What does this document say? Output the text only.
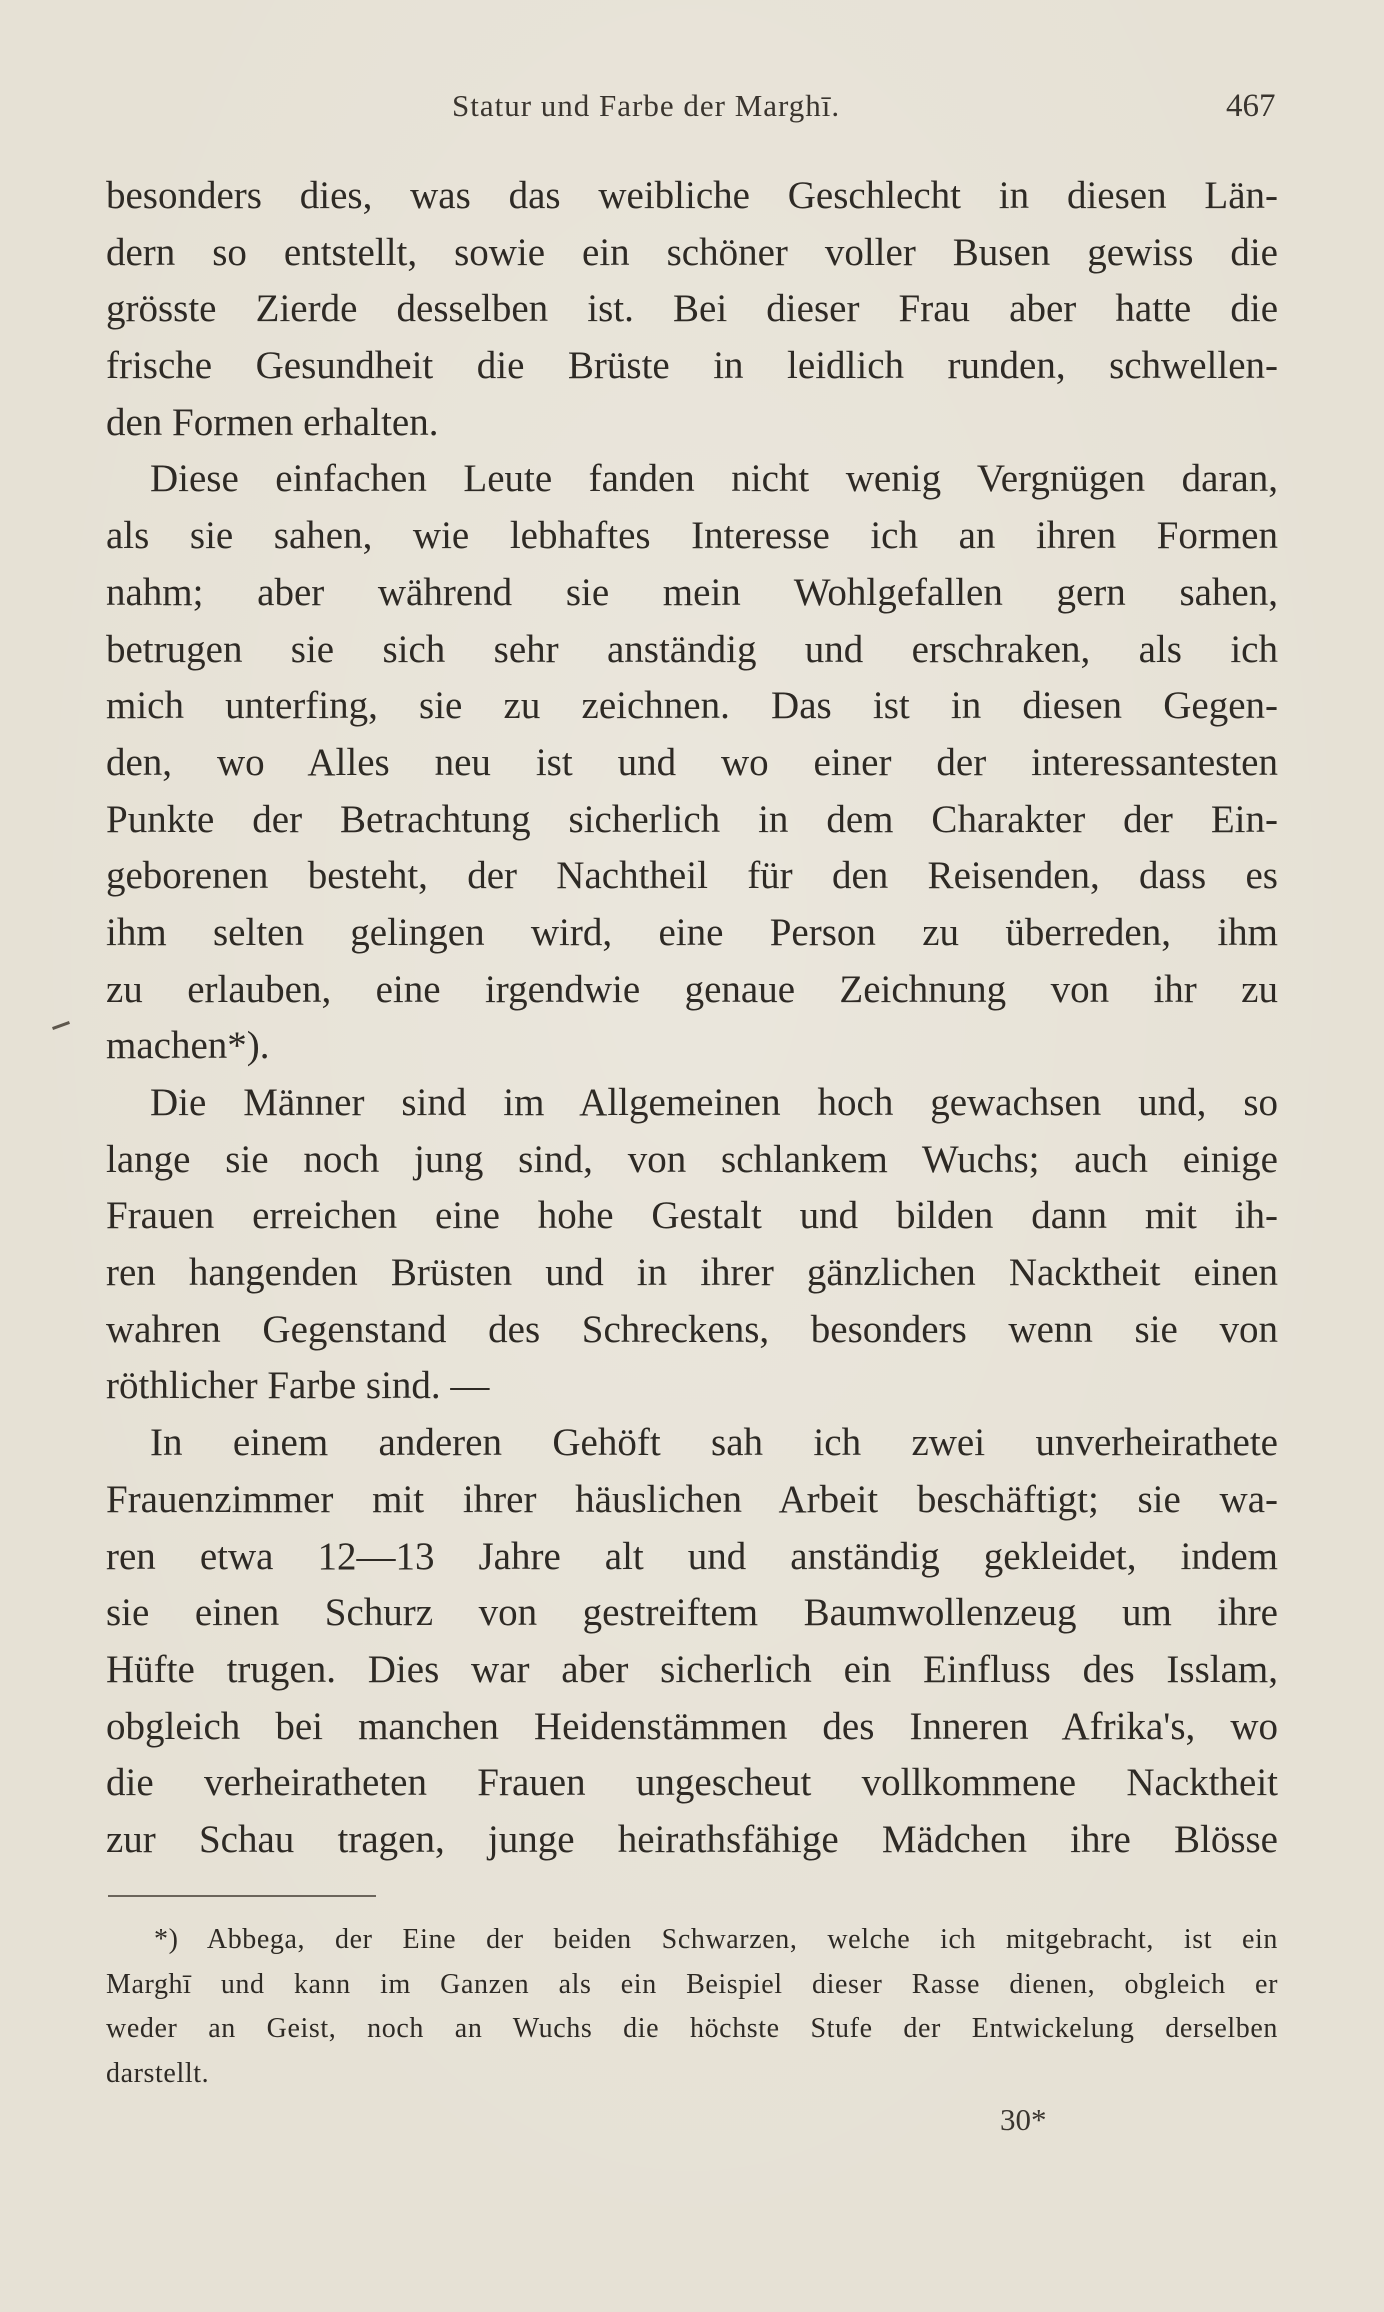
Statur und Farbe der Marghī.	467
besonders dies, was das weibliche Geschlecht in diesen Län-
dern so entstellt, sowie ein schöner voller Busen gewiss die
grösste Zierde desselben ist. Bei dieser Frau aber hatte die
frische Gesundheit die Brüste in leidlich runden, schwellen-
den Formen erhalten.
Diese einfachen Leute fanden nicht wenig Vergnügen daran,
als sie sahen, wie lebhaftes Interesse ich an ihren Formen
nahm; aber während sie mein Wohlgefallen gern sahen,
betrugen sie sich sehr anständig und erschraken, als ich
mich unterfing, sie zu zeichnen. Das ist in diesen Gegen-
den, wo Alles neu ist und wo einer der interessantesten
Punkte der Betrachtung sicherlich in dem Charakter der Ein-
geborenen besteht, der Nachtheil für den Reisenden, dass es
ihm selten gelingen wird, eine Person zu überreden, ihm
zu erlauben, eine irgendwie genaue Zeichnung von ihr zu
machen*).
Die Männer sind im Allgemeinen hoch gewachsen und, so
lange sie noch jung sind, von schlankem Wuchs; auch einige
Frauen erreichen eine hohe Gestalt und bilden dann mit ih-
ren hangenden Brüsten und in ihrer gänzlichen Nacktheit einen
wahren Gegenstand des Schreckens, besonders wenn sie von
röthlicher Farbe sind. —
In einem anderen Gehöft sah ich zwei unverheirathete
Frauenzimmer mit ihrer häuslichen Arbeit beschäftigt; sie wa-
ren etwa 12—13 Jahre alt und anständig gekleidet, indem
sie einen Schurz von gestreiftem Baumwollenzeug um ihre
Hüfte trugen. Dies war aber sicherlich ein Einfluss des Isslam,
obgleich bei manchen Heidenstämmen des Inneren Afrika's, wo
die verheiratheten Frauen ungescheut vollkommene Nacktheit
zur Schau tragen, junge heirathsfähige Mädchen ihre Blösse
*) Abbega, der Eine der beiden Schwarzen, welche ich mitgebracht, ist ein
Marghī und kann im Ganzen als ein Beispiel dieser Rasse dienen, obgleich er
weder an Geist, noch an Wuchs die höchste Stufe der Entwickelung derselben
darstellt.
30*
